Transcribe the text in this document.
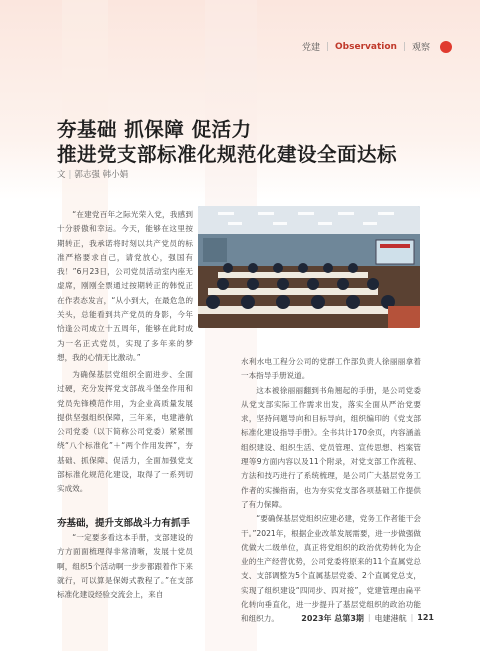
党建 | Observation | 观察
夯基础 抓保障 促活力
推进党支部标准化规范化建设全面达标
文 | 郭志强 韩小娟

“在建党百年之际光荣入党，我感到十分骄傲和幸运。今天，能够在这里按期转正，我承诺将时刻以共产党员的标准严格要求自己，请党放心，强国有我！”6月23日，公司党员活动室内座无虚席，刚刚全票通过按期转正的韩悦正在作表态发言，“从小到大，在最危急的关头，总能看到共产党员的身影，今年恰逢公司成立十五周年，能够在此时成为一名正式党员，实现了多年来的梦想，我的心情无比激动。”

为确保基层党组织全面进步、全面过硬，充分发挥党支部战斗堡垒作用和党员先锋模范作用，为企业高质量发展提供坚强组织保障，三年来，电建港航公司党委（以下简称公司党委）紧紧围绕“八个标准化”＋“两个作用发挥”，夯基础、抓保障、促活力，全面加强党支部标准化规范化建设，取得了一系列切实成效。

夯基础，提升支部战斗力有抓手

“一定要多看这本手册，支部建设的方方面面梳理得非常清晰，发展十党员啊，组织5个活动啊一步步都跟着作下来就行，可以算是保姆式教程了。”在支部标准化建设经验交流会上，来自

水利水电工程分公司的党群工作部负责人徐丽丽拿着一本指导手册说道。

这本被徐丽丽翻到书角翘起的手册，是公司党委从党支部实际工作需求出发，落实全面从严治党要求，坚持问题导向和目标导向，组织编印的《党支部标准化建设指导手册》。全书共计170余页，内容涵盖组织建设、组织生活、党员管理、宣传思想、档案管理等9方面内容以及11个附录，对党支部工作流程、方法和技巧进行了系统梳理，是公司广大基层党务工作者的实操指南，也为夯实党支部各项基础工作提供了有力保障。

“要确保基层党组织应建必建，党务工作者能干会干。”2021年，根据企业改革发展需要，进一步做强做优做大二级单位，真正将党组织的政治优势转化为企业的生产经营优势，公司党委将原来的11个直属党总支、支部调整为5个直属基层党委、2个直属党总支，实现了组织建设“四同步、四对接”，党建管理由扁平化转向垂直化，进一步提升了基层党组织的政治功能和组织力。	2023年 总第3期 | 电建港航 | 121
